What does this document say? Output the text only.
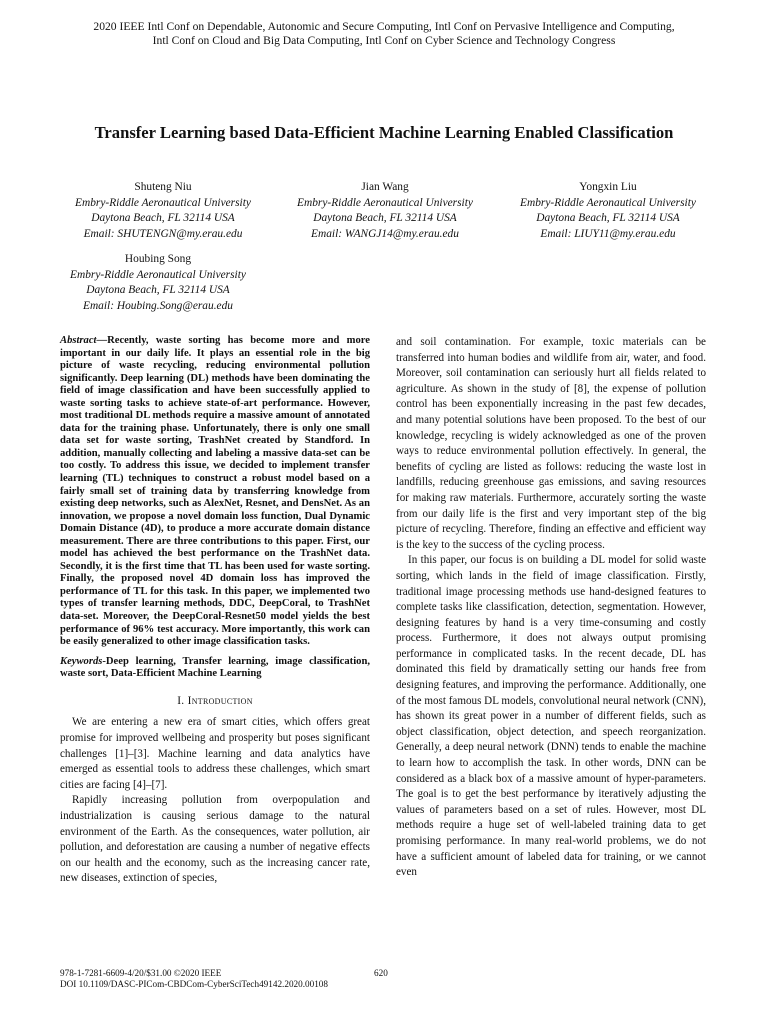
2020 IEEE Intl Conf on Dependable, Autonomic and Secure Computing, Intl Conf on Pervasive Intelligence and Computing,
Intl Conf on Cloud and Big Data Computing, Intl Conf on Cyber Science and Technology Congress
Transfer Learning based Data-Efficient Machine Learning Enabled Classification
Shuteng Niu
Embry-Riddle Aeronautical University
Daytona Beach, FL 32114 USA
Email: SHUTENGN@my.erau.edu
Jian Wang
Embry-Riddle Aeronautical University
Daytona Beach, FL 32114 USA
Email: WANGJ14@my.erau.edu
Yongxin Liu
Embry-Riddle Aeronautical University
Daytona Beach, FL 32114 USA
Email: LIUY11@my.erau.edu
Houbing Song
Embry-Riddle Aeronautical University
Daytona Beach, FL 32114 USA
Email: Houbing.Song@erau.edu

Abstract—Recently, waste sorting has become more and more important in our daily life. It plays an essential role in the big picture of waste recycling, reducing environmental pollution significantly. Deep learning (DL) methods have been dominating the field of image classification and have been successfully applied to waste sorting tasks to achieve state-of-art performance. However, most traditional DL methods require a massive amount of annotated data for the training phase. Unfortunately, there is only one small data set for waste sorting, TrashNet created by Standford. In addition, manually collecting and labeling a massive data-set can be too costly. To address this issue, we decided to implement transfer learning (TL) techniques to construct a robust model based on a fairly small set of training data by transferring knowledge from existing deep networks, such as AlexNet, Resnet, and DensNet. As an innovation, we propose a novel domain loss function, Dual Dynamic Domain Distance (4D), to produce a more accurate domain distance measurement. There are three contributions to this paper. First, our model has achieved the best performance on the TrashNet data. Secondly, it is the first time that TL has been used for waste sorting. Finally, the proposed novel 4D domain loss has improved the performance of TL for this task. In this paper, we implemented two types of transfer learning methods, DDC, DeepCoral, to TrashNet data-set. Moreover, the DeepCoral-Resnet50 model yields the best performance of 96% test accuracy. More importantly, this work can be easily generalized to other image classification tasks.

Keywords-Deep learning, Transfer learning, image classification, waste sort, Data-Efficient Machine Learning

I. Introduction

We are entering a new era of smart cities, which offers great promise for improved wellbeing and prosperity but poses significant challenges [1]–[3]. Machine learning and data analytics have emerged as essential tools to address these challenges, which smart cities are facing [4]–[7].

Rapidly increasing pollution from overpopulation and industrialization is causing serious damage to the natural environment of the Earth. As the consequences, water pollution, air pollution, and deforestation are causing a number of negative effects on our health and the economy, such as the increasing cancer rate, new diseases, extinction of species,

and soil contamination. For example, toxic materials can be transferred into human bodies and wildlife from air, water, and food. Moreover, soil contamination can seriously hurt all fields related to agriculture. As shown in the study of [8], the expense of pollution control has been exponentially increasing in the past few decades, and many potential solutions have been proposed. To the best of our knowledge, recycling is widely acknowledged as one of the proven ways to reduce environmental pollution effectively. In general, the benefits of cycling are listed as follows: reducing the waste lost in landfills, reducing greenhouse gas emissions, and saving resources for making raw materials. Furthermore, accurately sorting the waste from our daily life is the first and very important step of the big picture of recycling. Therefore, finding an effective and efficient way is the key to the success of the cycling process.

In this paper, our focus is on building a DL model for solid waste sorting, which lands in the field of image classification. Firstly, traditional image processing methods use hand-designed features to complete tasks like classification, detection, segmentation. However, designing features by hand is a very time-consuming and costly process. Furthermore, it does not always output promising performance in complicated tasks. In the recent decade, DL has dominated this field by dramatically setting our hands free from designing features, and improving the performance. Additionally, one of the most famous DL models, convolutional neural network (CNN), has shown its great power in a number of different fields, such as object classification, object detection, and speech reorganization. Generally, a deep neural network (DNN) tends to enable the machine to learn how to accomplish the task. In other words, DNN can be considered as a black box of a massive amount of hyper-parameters. The goal is to get the best performance by iteratively adjusting the values of parameters based on a set of rules. However, most DL methods require a huge set of well-labeled training data to get promising performance. In many real-world problems, we do not have a sufficient amount of labeled data for training, or we cannot even

978-1-7281-6609-4/20/$31.00 ©2020 IEEE
DOI 10.1109/DASC-PICom-CBDCom-CyberSciTech49142.2020.00108
620
